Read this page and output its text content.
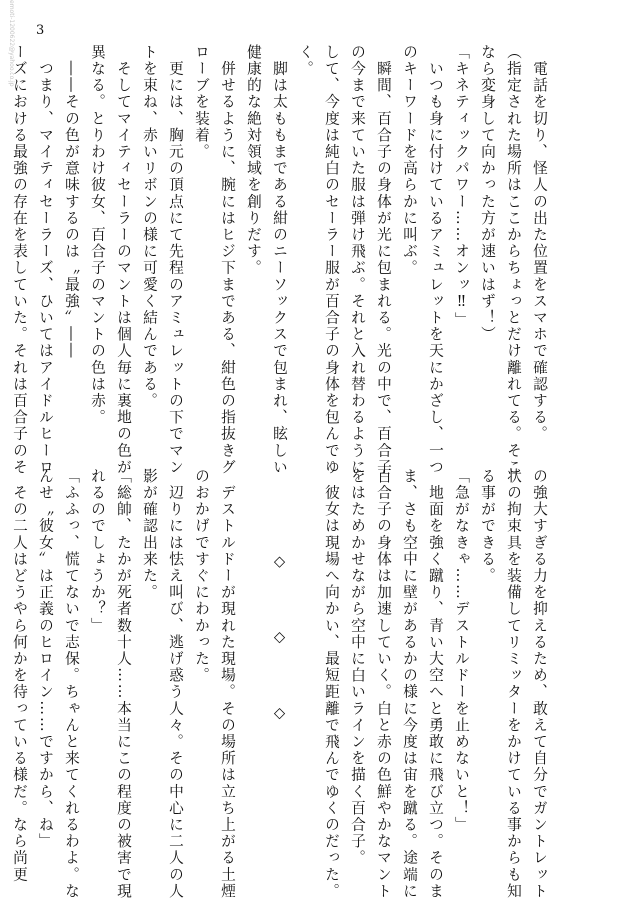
emoti-1200622@yahoo.co.jp 3
　電話を切り、怪人の出た位置をスマホで確認する。
（指定された場所はここからちょっとだけ離れてる。そこ
なら変身して向かった方が速いはず！）
「キネティックパワー……オンッ‼」
　いつも身に付けているアミュレットを天にかざし、一つ
のキーワードを高らかに叫ぶ。
　瞬間、百合子の身体が光に包まれる。光の中で、百合子
の今まで来ていた服は弾け飛ぶ。それと入れ替わるように
して、今度は純白のセーラー服が百合子の身体を包んでゆ
く。
　脚は太ももまである紺のニーソックスで包まれ、眩しい
健康的な絶対領域を創りだす。
　併せるように、腕にはヒジ下まである、紺色の指抜きグ
ローブを装着。
　更には、胸元の頂点にて先程のアミュレットの下でマン
トを束ね、赤いリボンの様に可愛く結んである。
　そしてマイティセーラーのマントは個人毎に裏地の色が
異なる。とりわけ彼女、百合子のマントの色は赤。
　――その色が意味するのは〝最強〟――
　つまり、マイティセーラーズ、ひいてはアイドルヒーロ
ーズにおける最強の存在を表していた。それは百合子のそ
の強大すぎる力を抑えるため、敢えて自分でガントレット
状の拘束具を装備してリミッターをかけている事からも知
る事ができる。
「急がなきゃ……デストルドーを止めないと！」
　地面を強く蹴り、青い大空へと勇敢に飛び立つ。そのま
ま、さも空中に壁があるかの様に今度は宙を蹴る。途端に
百合子の身体は加速していく。白と赤の色鮮やかなマント
をはためかせながら空中に白いラインを描く百合子。
　彼女は現場へ向かい、最短距離で飛んでゆくのだった。
◇　◇　◇
　デストルドーが現れた現場。その場所は立ち上がる土煙
のおかげですぐにわかった。
　辺りには怯え叫び、逃げ惑う人々。その中心に二人の人
影が確認出来た。
「総帥、たかが死者数十人……本当にこの程度の被害で現
れるのでしょうか？」
「ふふっ、慌てないで志保。ちゃんと来てくれるわよ。な
んせ〝彼女〟は正義のヒロイン……ですから、ね」
　その二人はどうやら何かを待っている様だ。なら尚更
